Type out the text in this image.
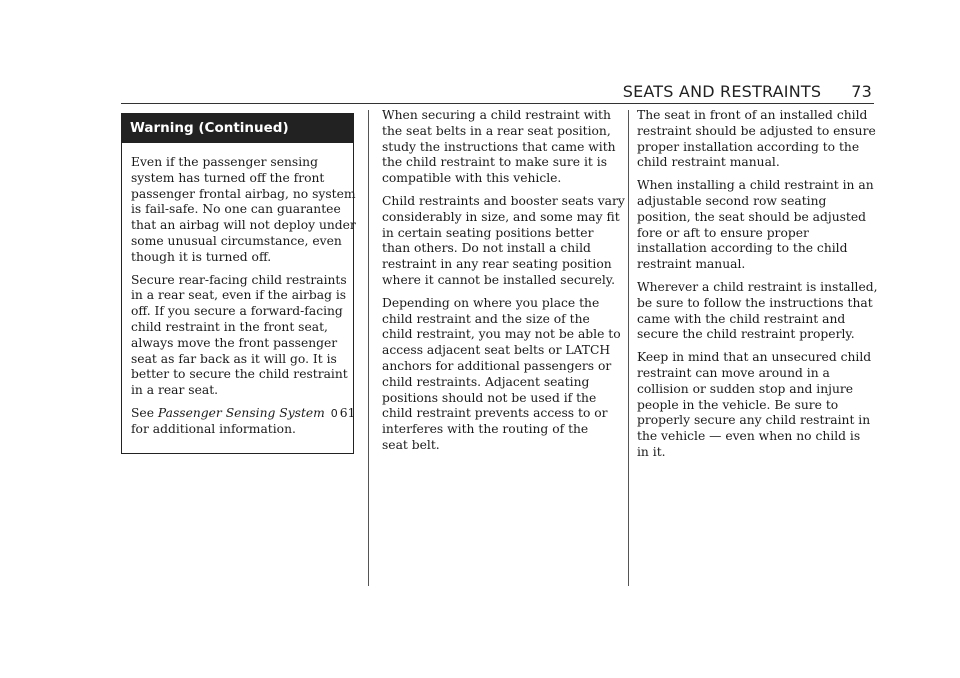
SEATS AND RESTRAINTS 73
Warning (Continued)

Even if the passenger sensing
system has turned off the front
passenger frontal airbag, no system
is fail-safe. No one can guarantee
that an airbag will not deploy under
some unusual circumstance, even
though it is turned off.

Secure rear-facing child restraints
in a rear seat, even if the airbag is
off. If you secure a forward-facing
child restraint in the front seat,
always move the front passenger
seat as far back as it will go. It is
better to secure the child restraint
in a rear seat.

See Passenger Sensing System 0 61
for additional information.

When securing a child restraint with
the seat belts in a rear seat position,
study the instructions that came with
the child restraint to make sure it is
compatible with this vehicle.

Child restraints and booster seats vary
considerably in size, and some may fit
in certain seating positions better
than others. Do not install a child
restraint in any rear seating position
where it cannot be installed securely.

Depending on where you place the
child restraint and the size of the
child restraint, you may not be able to
access adjacent seat belts or LATCH
anchors for additional passengers or
child restraints. Adjacent seating
positions should not be used if the
child restraint prevents access to or
interferes with the routing of the
seat belt.

The seat in front of an installed child
restraint should be adjusted to ensure
proper installation according to the
child restraint manual.

When installing a child restraint in an
adjustable second row seating
position, the seat should be adjusted
fore or aft to ensure proper
installation according to the child
restraint manual.

Wherever a child restraint is installed,
be sure to follow the instructions that
came with the child restraint and
secure the child restraint properly.

Keep in mind that an unsecured child
restraint can move around in a
collision or sudden stop and injure
people in the vehicle. Be sure to
properly secure any child restraint in
the vehicle — even when no child is
in it.
